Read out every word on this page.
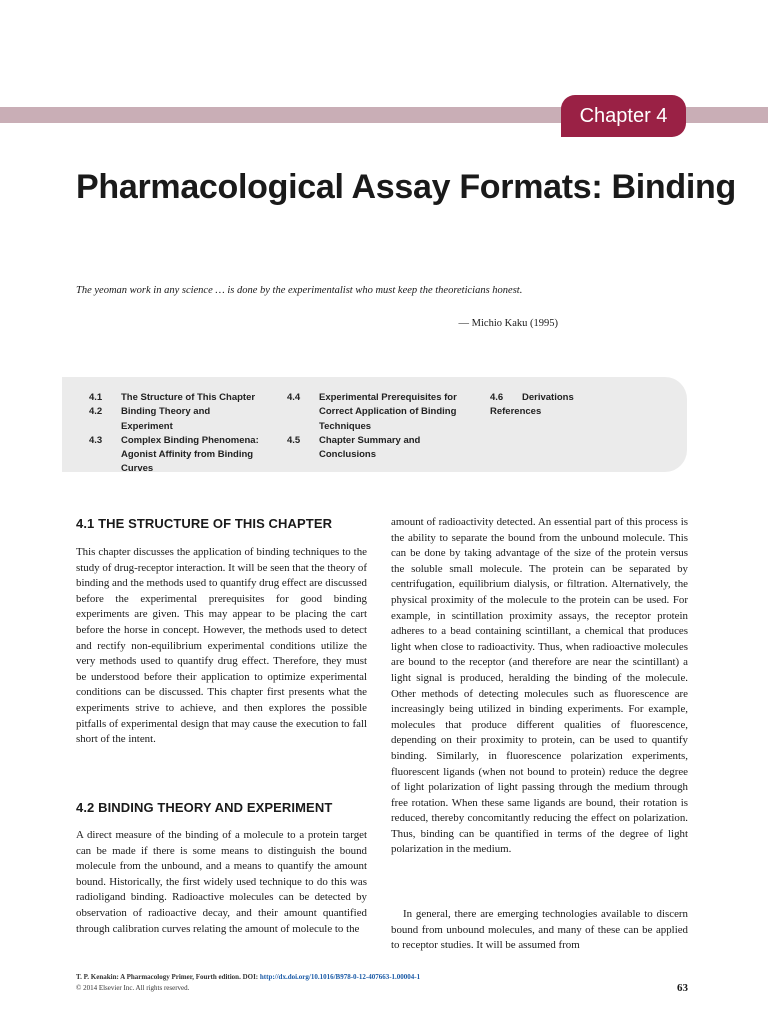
Chapter 4
Pharmacological Assay Formats: Binding

The yeoman work in any science … is done by the experimentalist who must keep the theoreticians honest.

— Michio Kaku (1995)

4.1	The Structure of This Chapter
4.2	Binding Theory and Experiment
4.3	Complex Binding Phenomena: Agonist Affinity from Binding Curves
4.4	Experimental Prerequisites for Correct Application of Binding Techniques
4.5	Chapter Summary and Conclusions
4.6	Derivations
References
4.1 THE STRUCTURE OF THIS CHAPTER

This chapter discusses the application of binding techniques to the study of drug-receptor interaction. It will be seen that the theory of binding and the methods used to quantify drug effect are discussed before the experimental prerequisites for good binding experiments are given. This may appear to be placing the cart before the horse in concept. However, the methods used to detect and rectify non-equilibrium experimental conditions utilize the very methods used to quantify drug effect. Therefore, they must be understood before their application to optimize experimental conditions can be discussed. This chapter first presents what the experiments strive to achieve, and then explores the possible pitfalls of experimental design that may cause the execution to fall short of the intent.

4.2 BINDING THEORY AND EXPERIMENT

A direct measure of the binding of a molecule to a protein target can be made if there is some means to distinguish the bound molecule from the unbound, and a means to quantify the amount bound. Historically, the first widely used technique to do this was radioligand binding. Radioactive molecules can be detected by observation of radioactive decay, and their amount quantified through calibration curves relating the amount of molecule to the

amount of radioactivity detected. An essential part of this process is the ability to separate the bound from the unbound molecule. This can be done by taking advantage of the size of the protein versus the soluble small molecule. The protein can be separated by centrifugation, equilibrium dialysis, or filtration. Alternatively, the physical proximity of the molecule to the protein can be used. For example, in scintillation proximity assays, the receptor protein adheres to a bead containing scintillant, a chemical that produces light when close to radioactivity. Thus, when radioactive molecules are bound to the receptor (and therefore are near the scintillant) a light signal is produced, heralding the binding of the molecule. Other methods of detecting molecules such as fluorescence are increasingly being utilized in binding experiments. For example, molecules that produce different qualities of fluorescence, depending on their proximity to protein, can be used to quantify binding. Similarly, in fluorescence polarization experiments, fluorescent ligands (when not bound to protein) reduce the degree of light polarization of light passing through the medium through free rotation. When these same ligands are bound, their rotation is reduced, thereby concomitantly reducing the effect on polarization. Thus, binding can be quantified in terms of the degree of light polarization in the medium.

In general, there are emerging technologies available to discern bound from unbound molecules, and many of these can be applied to receptor studies. It will be assumed from

T. P. Kenakin: A Pharmacology Primer, Fourth edition. DOI: http://dx.doi.org/10.1016/B978-0-12-407663-1.00004-1
© 2014 Elsevier Inc. All rights reserved.	63
